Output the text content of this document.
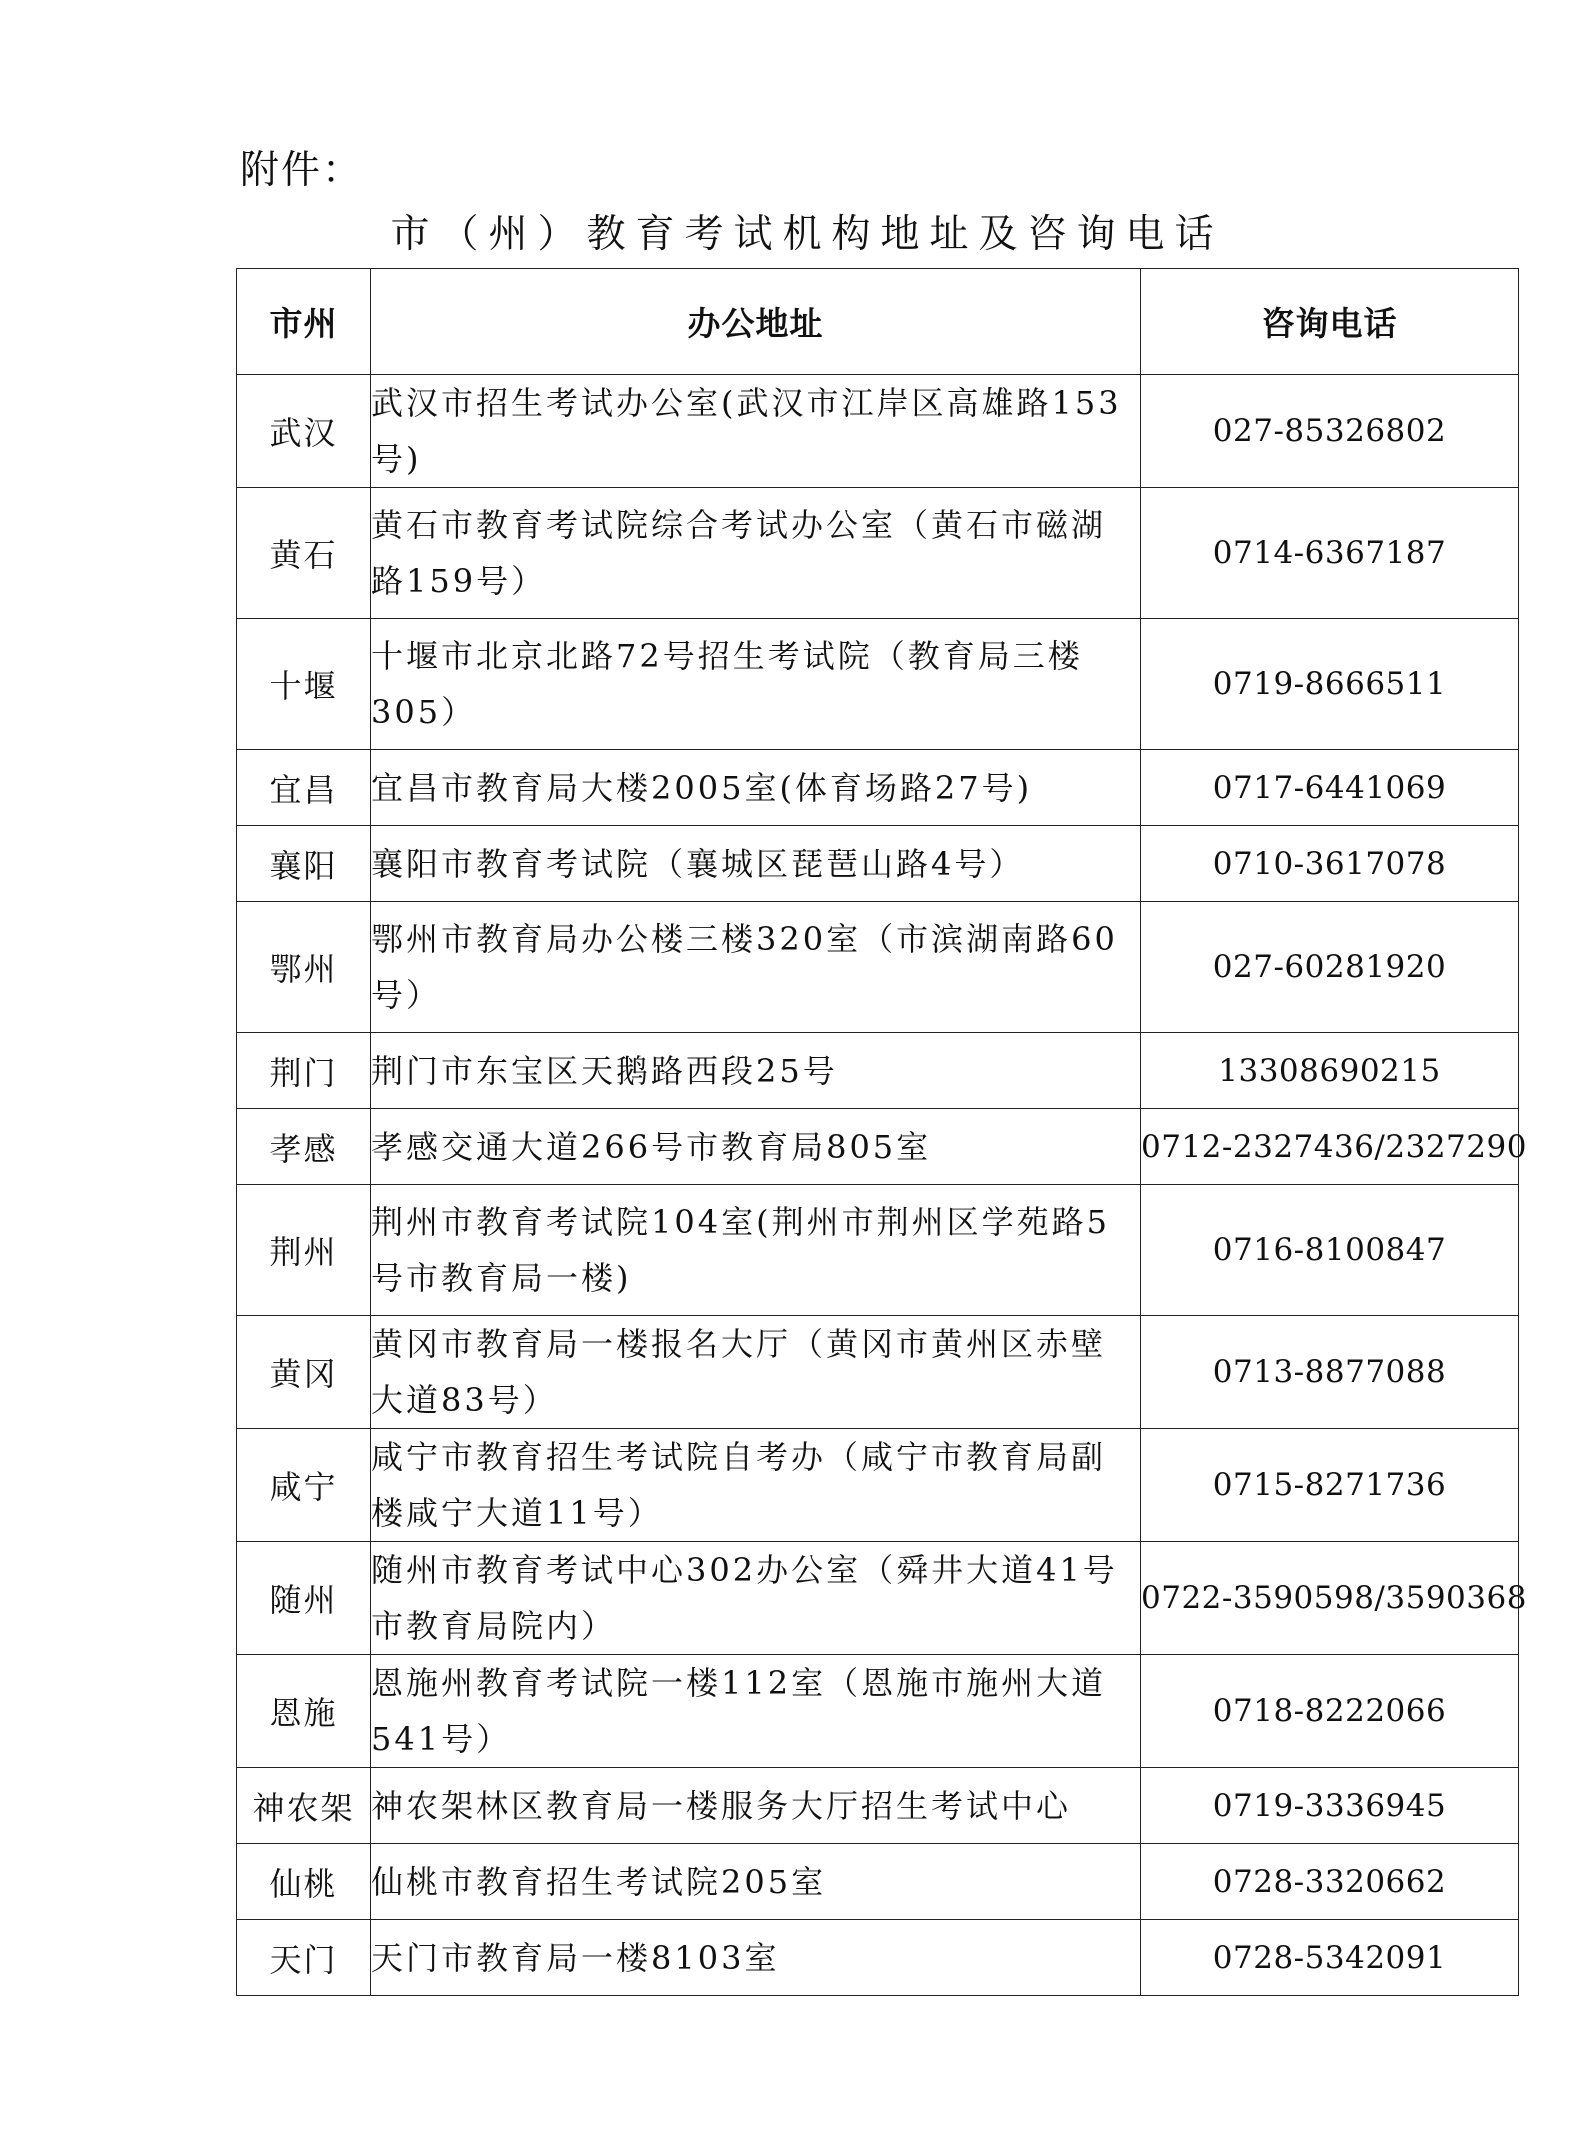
附件：
市（州）教育考试机构地址及咨询电话
市州	办公地址	咨询电话
武汉	武汉市招生考试办公室(武汉市江岸区高雄路153号)	027-85326802
黄石	黄石市教育考试院综合考试办公室（黄石市磁湖路159号）	0714-6367187
十堰	十堰市北京北路72号招生考试院（教育局三楼305）	0719-8666511
宜昌	宜昌市教育局大楼2005室(体育场路27号)	0717-6441069
襄阳	襄阳市教育考试院（襄城区琵琶山路4号）	0710-3617078
鄂州	鄂州市教育局办公楼三楼320室（市滨湖南路60号）	027-60281920
荆门	荆门市东宝区天鹅路西段25号	13308690215
孝感	孝感交通大道266号市教育局805室	0712-2327436/2327290
荆州	荆州市教育考试院104室(荆州市荆州区学苑路5号市教育局一楼)	0716-8100847
黄冈	黄冈市教育局一楼报名大厅（黄冈市黄州区赤壁大道83号）	0713-8877088
咸宁	咸宁市教育招生考试院自考办（咸宁市教育局副楼咸宁大道11号）	0715-8271736
随州	随州市教育考试中心302办公室（舜井大道41号市教育局院内）	0722-3590598/3590368
恩施	恩施州教育考试院一楼112室（恩施市施州大道541号）	0718-8222066
神农架	神农架林区教育局一楼服务大厅招生考试中心	0719-3336945
仙桃	仙桃市教育招生考试院205室	0728-3320662
天门	天门市教育局一楼8103室	0728-5342091
